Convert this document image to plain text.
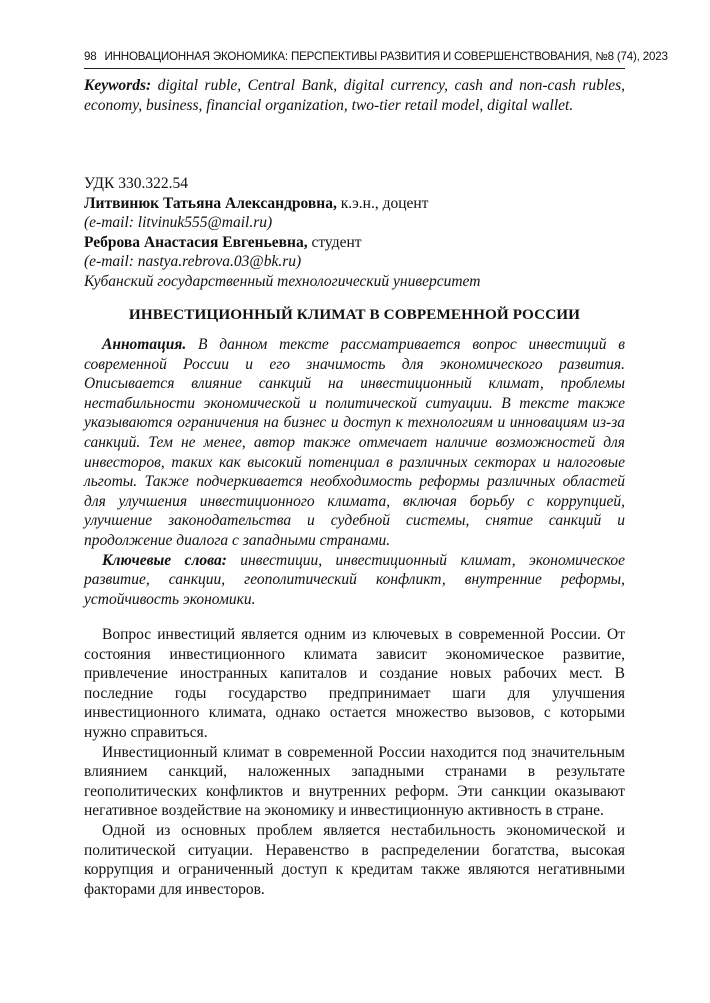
98 ИННОВАЦИОННАЯ ЭКОНОМИКА: ПЕРСПЕКТИВЫ РАЗВИТИЯ И СОВЕРШЕНСТВОВАНИЯ, №8 (74), 2023
Keywords: digital ruble, Central Bank, digital currency, cash and non-cash rubles, economy, business, financial organization, two-tier retail model, digital wallet.
УДК 330.322.54
Литвинюк Татьяна Александровна, к.э.н., доцент
(e-mail: litvinuk555@mail.ru)
Реброва Анастасия Евгеньевна, студент
(e-mail: nastya.rebrova.03@bk.ru)
Кубанский государственный технологический университет
ИНВЕСТИЦИОННЫЙ КЛИМАТ В СОВРЕМЕННОЙ РОССИИ

Аннотация. В данном тексте рассматривается вопрос инвестиций в современной России и его значимость для экономического развития. Описывается влияние санкций на инвестиционный климат, проблемы нестабильности экономической и политической ситуации. В тексте также указываются ограничения на бизнес и доступ к технологиям и инновациям из-за санкций. Тем не менее, автор также отмечает наличие возможностей для инвесторов, таких как высокий потенциал в различных секторах и налоговые льготы. Также подчеркивается необходимость реформы различных областей для улучшения инвестиционного климата, включая борьбу с коррупцией, улучшение законодательства и судебной системы, снятие санкций и продолжение диалога с западными странами.

Ключевые слова: инвестиции, инвестиционный климат, экономическое развитие, санкции, геополитический конфликт, внутренние реформы, устойчивость экономики.

Вопрос инвестиций является одним из ключевых в современной России. От состояния инвестиционного климата зависит экономическое развитие, привлечение иностранных капиталов и создание новых рабочих мест. В последние годы государство предпринимает шаги для улучшения инвестиционного климата, однако остается множество вызовов, с которыми нужно справиться.

Инвестиционный климат в современной России находится под значительным влиянием санкций, наложенных западными странами в результате геополитических конфликтов и внутренних реформ. Эти санкции оказывают негативное воздействие на экономику и инвестиционную активность в стране.

Одной из основных проблем является нестабильность экономической и политической ситуации. Неравенство в распределении богатства, высокая коррупция и ограниченный доступ к кредитам также являются негативными факторами для инвесторов.
